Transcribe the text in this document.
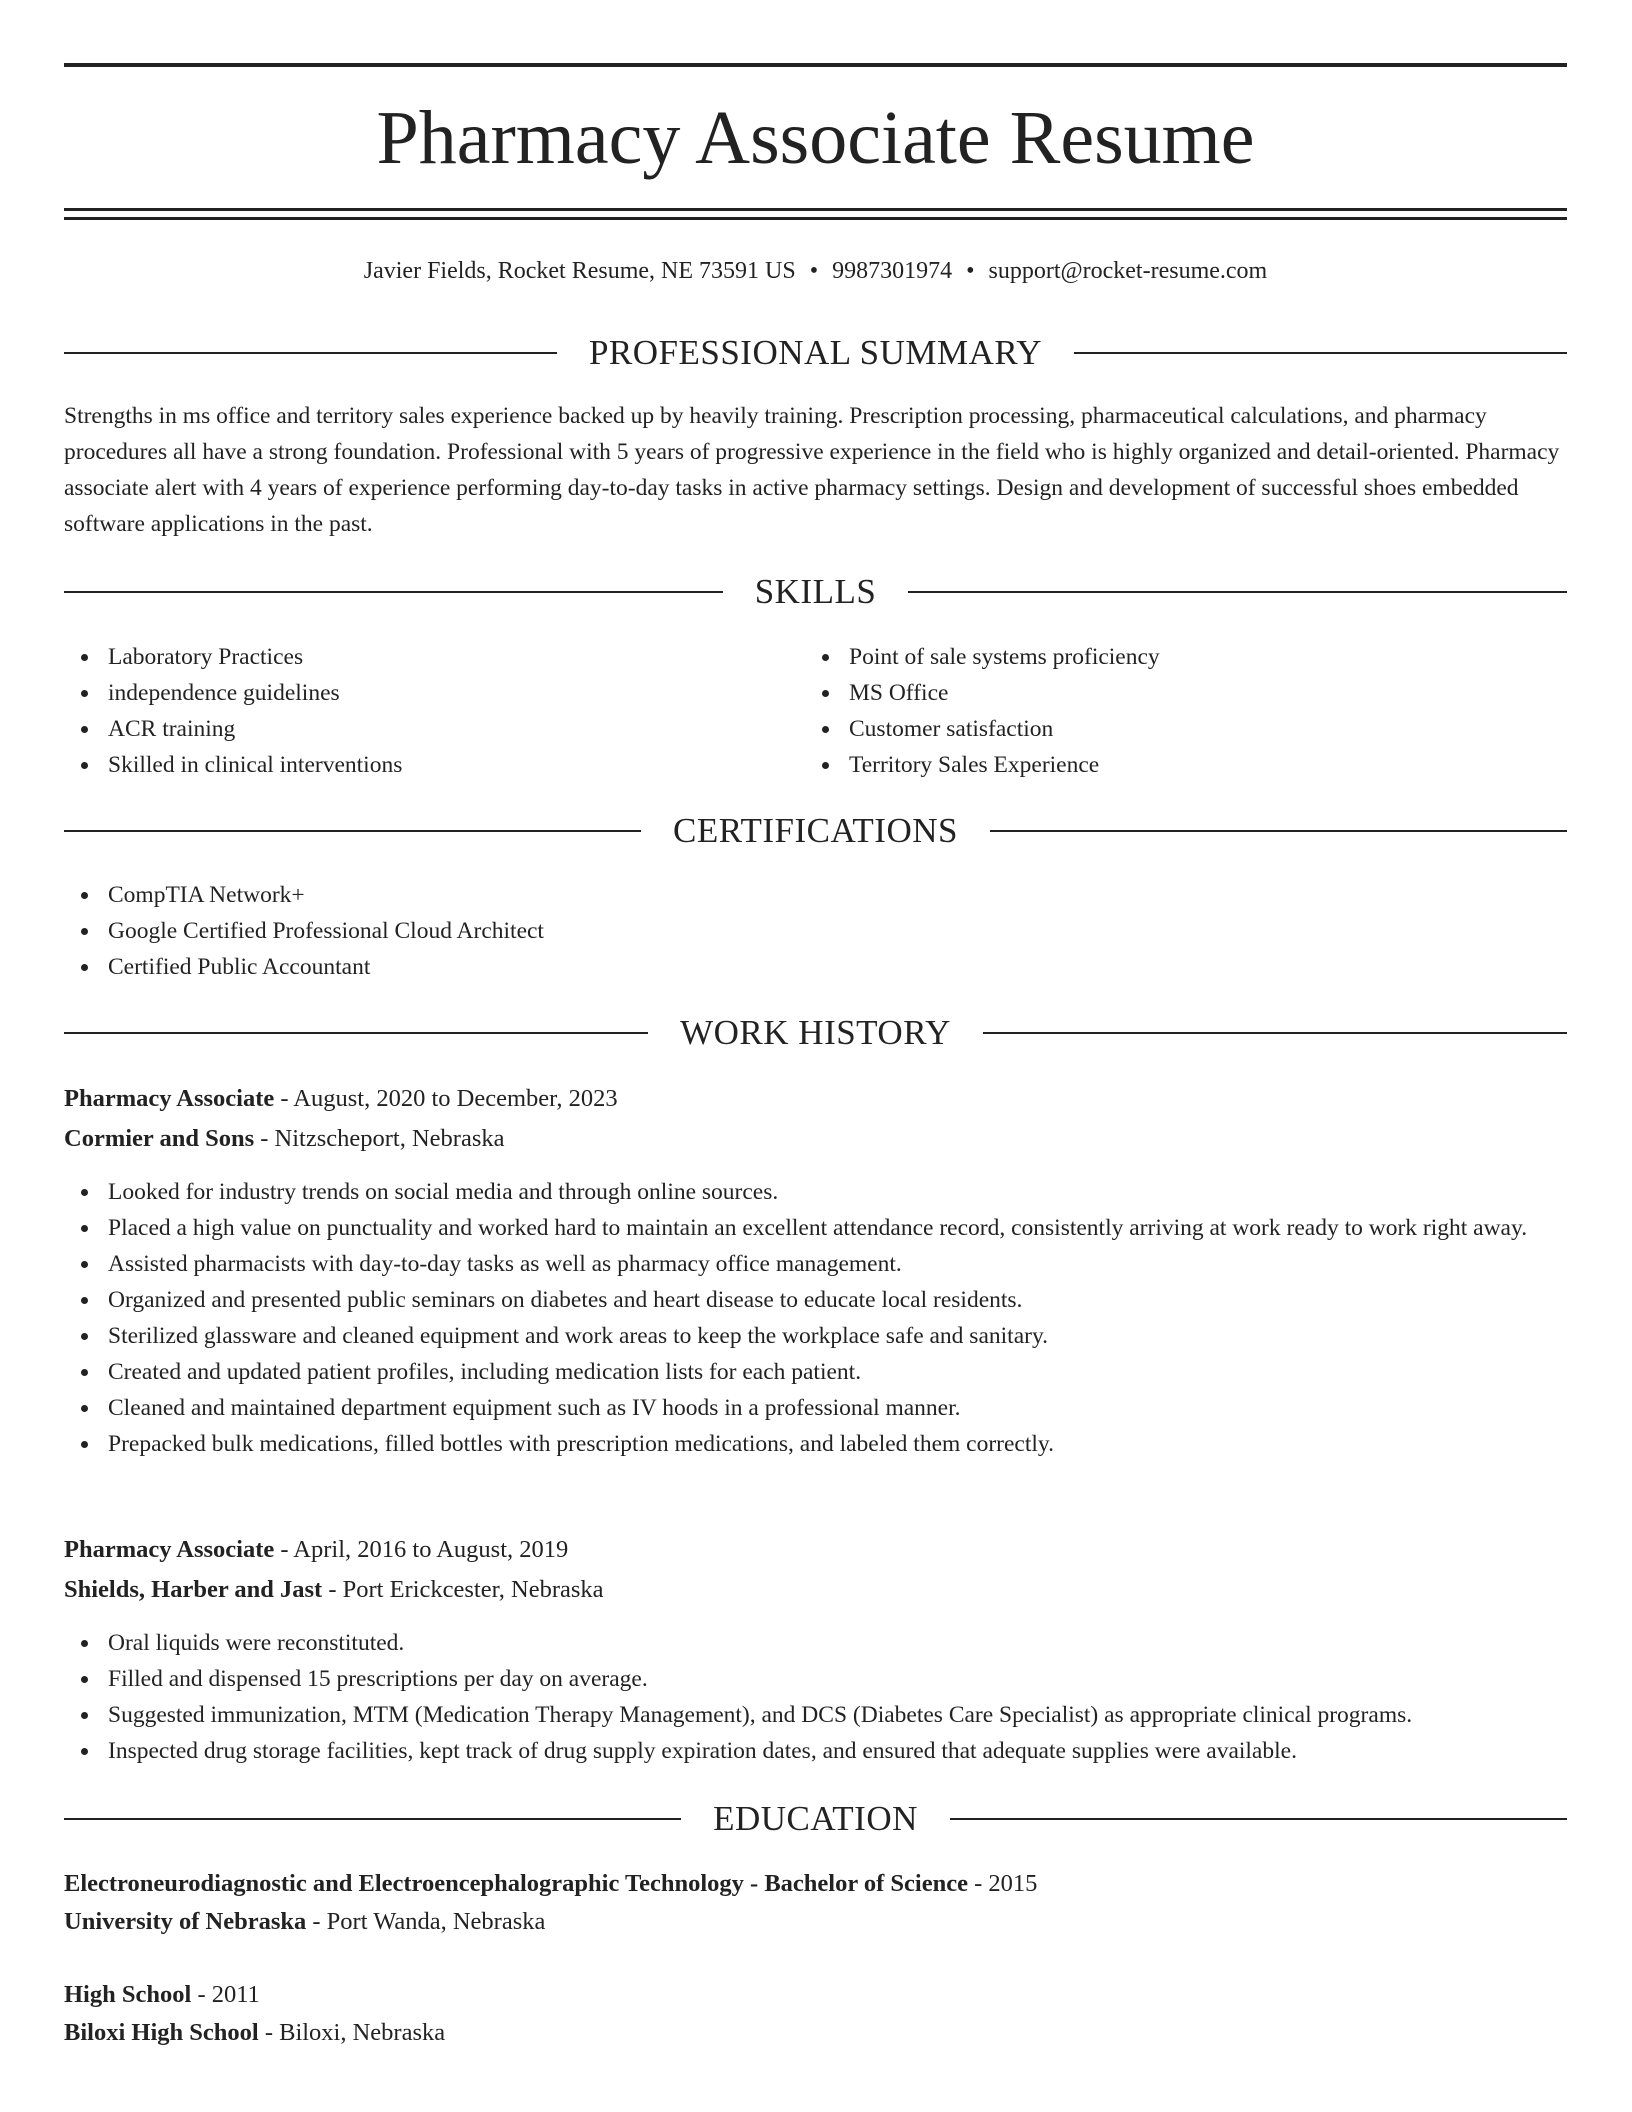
Pharmacy Associate Resume
Javier Fields, Rocket Resume, NE 73591 US • 9987301974 • support@rocket-resume.com
PROFESSIONAL SUMMARY

Strengths in ms office and territory sales experience backed up by heavily training. Prescription processing, pharmaceutical calculations, and pharmacy procedures all have a strong foundation. Professional with 5 years of progressive experience in the field who is highly organized and detail-oriented. Pharmacy associate alert with 4 years of experience performing day-to-day tasks in active pharmacy settings. Design and development of successful shoes embedded software applications in the past.

SKILLS
Laboratory Practices
independence guidelines
ACR training
Skilled in clinical interventions
Point of sale systems proficiency
MS Office
Customer satisfaction
Territory Sales Experience
CERTIFICATIONS
CompTIA Network+
Google Certified Professional Cloud Architect
Certified Public Accountant
WORK HISTORY
Pharmacy Associate - August, 2020 to December, 2023
Cormier and Sons - Nitzscheport, Nebraska
Looked for industry trends on social media and through online sources.
Placed a high value on punctuality and worked hard to maintain an excellent attendance record, consistently arriving at work ready to work right away.
Assisted pharmacists with day-to-day tasks as well as pharmacy office management.
Organized and presented public seminars on diabetes and heart disease to educate local residents.
Sterilized glassware and cleaned equipment and work areas to keep the workplace safe and sanitary.
Created and updated patient profiles, including medication lists for each patient.
Cleaned and maintained department equipment such as IV hoods in a professional manner.
Prepacked bulk medications, filled bottles with prescription medications, and labeled them correctly.
Pharmacy Associate - April, 2016 to August, 2019
Shields, Harber and Jast - Port Erickcester, Nebraska
Oral liquids were reconstituted.
Filled and dispensed 15 prescriptions per day on average.
Suggested immunization, MTM (Medication Therapy Management), and DCS (Diabetes Care Specialist) as appropriate clinical programs.
Inspected drug storage facilities, kept track of drug supply expiration dates, and ensured that adequate supplies were available.
EDUCATION
Electroneurodiagnostic and Electroencephalographic Technology - Bachelor of Science - 2015
University of Nebraska - Port Wanda, Nebraska
High School - 2011
Biloxi High School - Biloxi, Nebraska
